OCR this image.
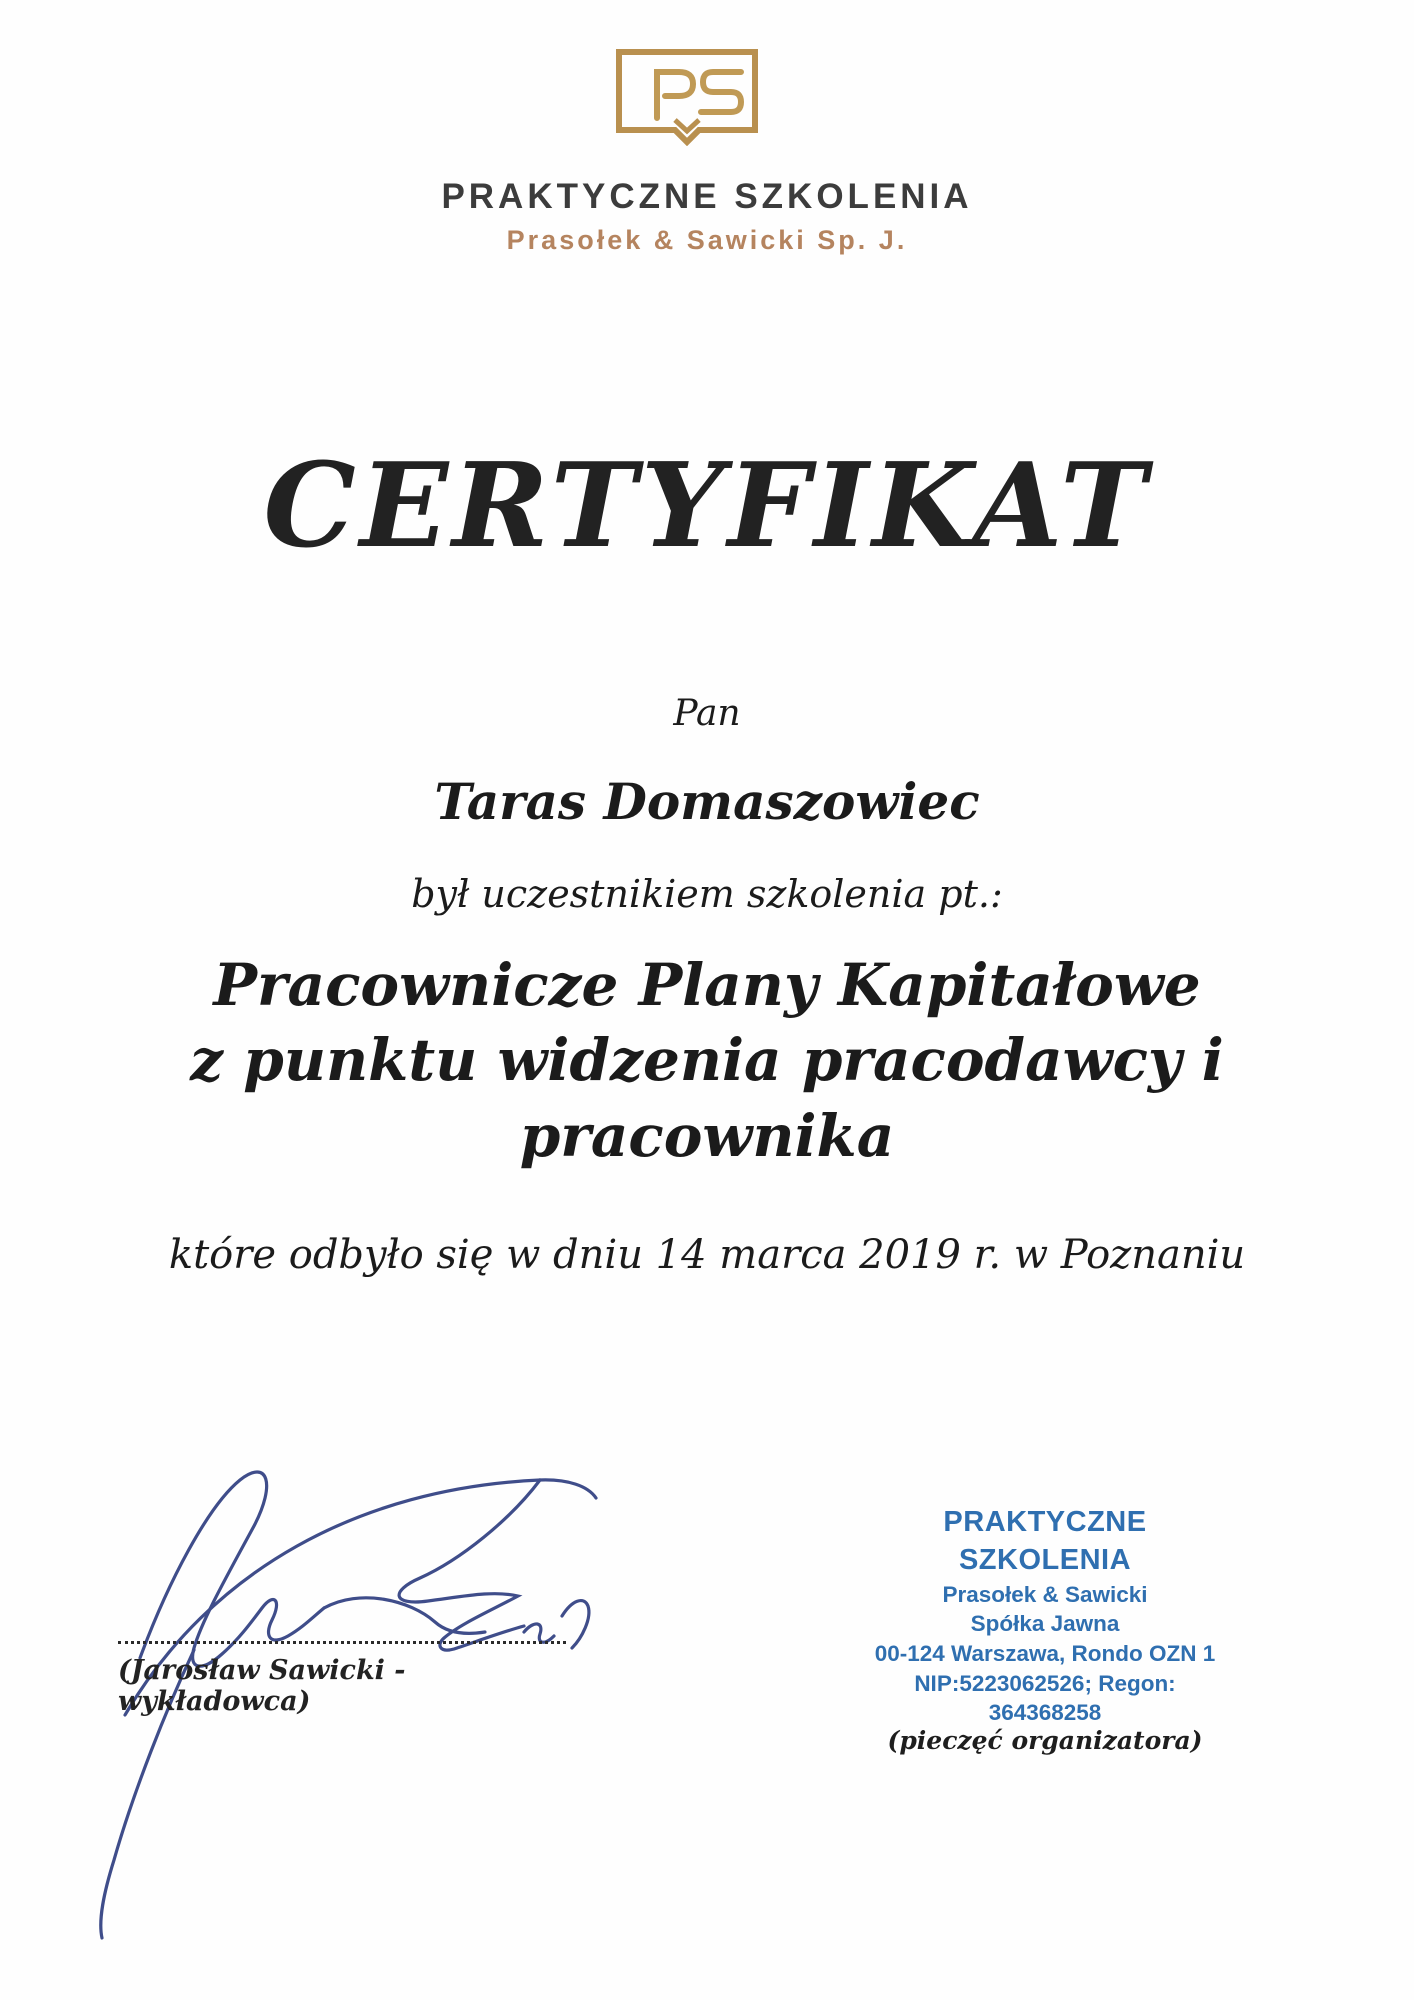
PRAKTYCZNE SZKOLENIA
Prasołek & Sawicki Sp. J.
CERTYFIKAT
Pan
Taras Domaszowiec
był uczestnikiem szkolenia pt.:
Pracownicze Plany Kapitałowe
z punktu widzenia pracodawcy i pracownika
które odbyło się w dniu 14 marca 2019 r. w Poznaniu
(Jarosław Sawicki - wykładowca)
PRAKTYCZNE SZKOLENIA
Prasołek & Sawicki
Spółka Jawna
00-124 Warszawa, Rondo OZN 1
NIP:5223062526; Regon: 364368258
(pieczęć organizatora)
